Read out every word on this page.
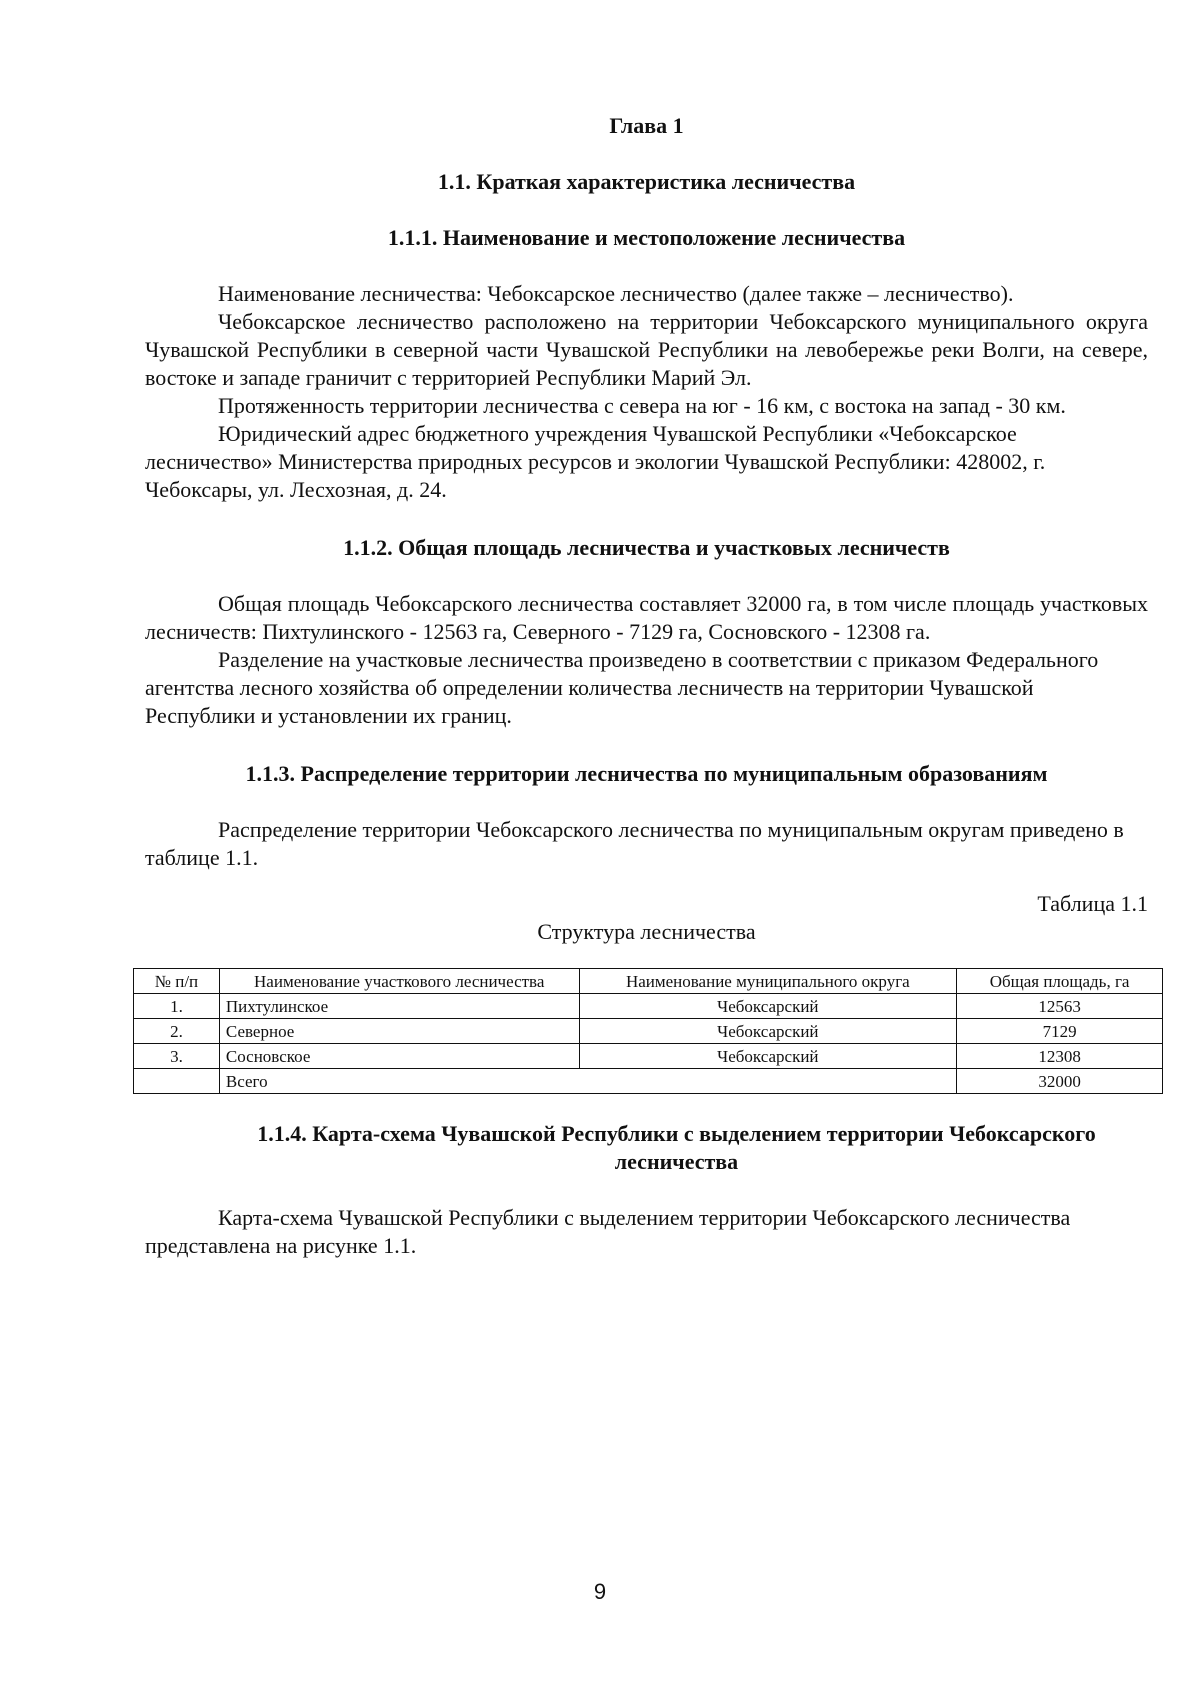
Глава 1
1.1. Краткая характеристика лесничества
1.1.1. Наименование и местоположение лесничества

Наименование лесничества: Чебоксарское лесничество (далее также – лесничество).

Чебоксарское лесничество расположено на территории Чебоксарского муниципального округа Чувашской Республики в северной части Чувашской Республики на левобережье реки Волги, на севере, востоке и западе граничит с территорией Республики Марий Эл.

Протяженность территории лесничества с севера на юг - 16 км, с востока на запад - 30 км.

Юридический адрес бюджетного учреждения Чувашской Республики «Чебоксарское лесничество» Министерства природных ресурсов и экологии Чувашской Республики: 428002, г. Чебоксары, ул. Лесхозная, д. 24.

1.1.2. Общая площадь лесничества и участковых лесничеств

Общая площадь Чебоксарского лесничества составляет 32000 га, в том числе площадь участковых лесничеств: Пихтулинского - 12563 га, Северного - 7129 га, Сосновского - 12308 га.

Разделение на участковые лесничества произведено в соответствии с приказом Федерального агентства лесного хозяйства об определении количества лесничеств на территории Чувашской Республики и установлении их границ.

1.1.3. Распределение территории лесничества по муниципальным образованиям

Распределение территории Чебоксарского лесничества по муниципальным округам приведено в таблице 1.1.

Таблица 1.1
Структура лесничества
№ п/п	Наименование участкового лесничества	Наименование муниципального округа	Общая площадь, га
1.	Пихтулинское	Чебоксарский	12563
2.	Северное	Чебоксарский	7129
3.	Сосновское	Чебоксарский	12308
	Всего		32000
1.1.4. Карта-схема Чувашской Республики с выделением территории Чебоксарского лесничества

Карта-схема Чувашской Республики с выделением территории Чебоксарского лесничества представлена на рисунке 1.1.

9
